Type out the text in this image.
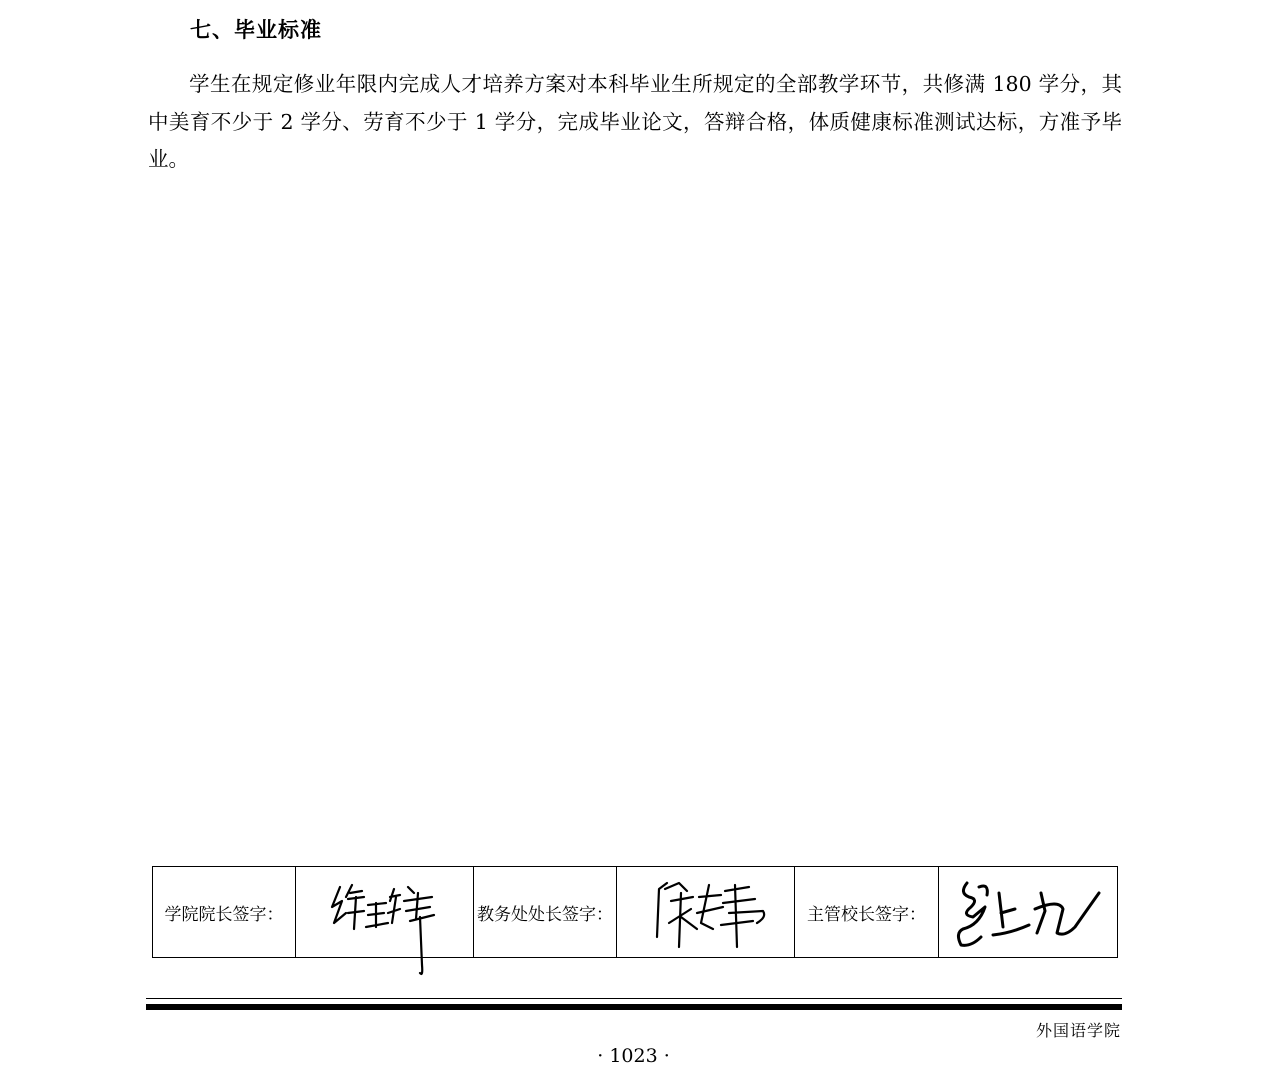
七、毕业标准

学生在规定修业年限内完成人才培养方案对本科毕业生所规定的全部教学环节，共修满 180 学分，其中美育不少于 2 学分、劳育不少于 1 学分，完成毕业论文，答辩合格，体质健康标准测试达标，方准予毕业。

学院院长签字：		教务处处长签字：		主管校长签字：	
外国语学院
· 1023 ·
